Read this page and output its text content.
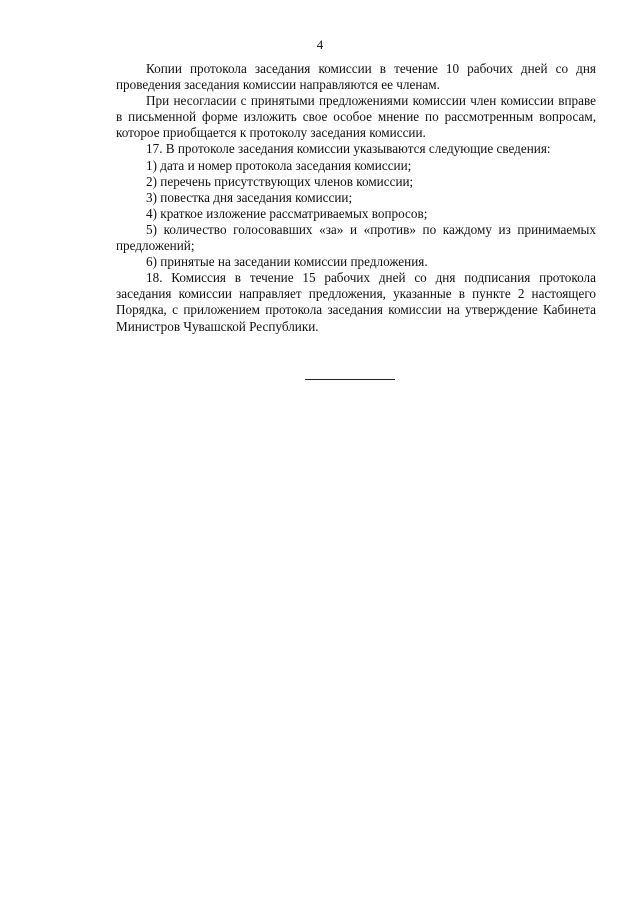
4

Копии протокола заседания комиссии в течение 10 рабочих дней со дня проведения заседания комиссии направляются ее членам.

При несогласии с принятыми предложениями комиссии член комиссии вправе в письменной форме изложить свое особое мнение по рассмотренным вопросам, которое приобщается к протоколу заседания комиссии.

17. В протоколе заседания комиссии указываются следующие сведения:

1) дата и номер протокола заседания комиссии;

2) перечень присутствующих членов комиссии;

3) повестка дня заседания комиссии;

4) краткое изложение рассматриваемых вопросов;

5) количество голосовавших «за» и «против» по каждому из принимаемых предложений;

6) принятые на заседании комиссии предложения.

18. Комиссия в течение 15 рабочих дней со дня подписания протокола заседания комиссии направляет предложения, указанные в пункте 2 настоящего Порядка, с приложением протокола заседания комиссии на утверждение Кабинета Министров Чувашской Республики.
